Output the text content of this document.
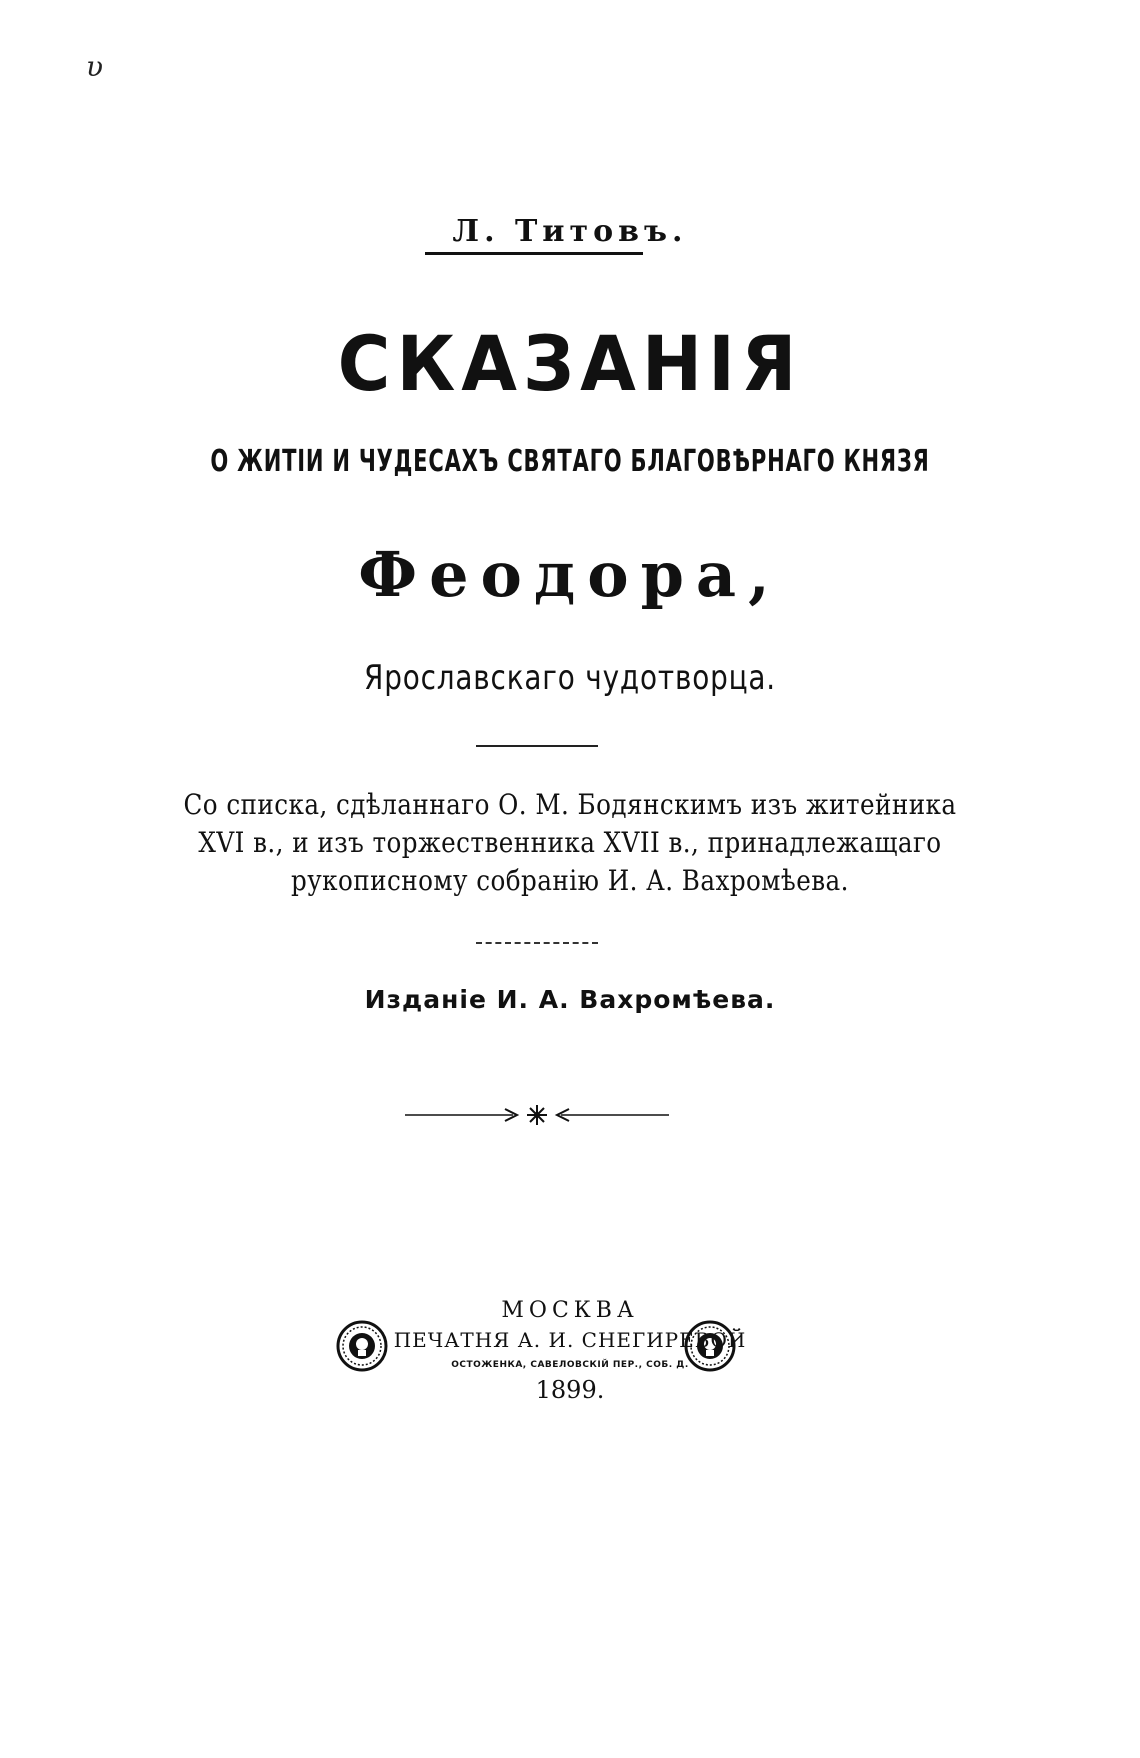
υ
Л. Титовъ.
СКАЗАНІЯ
О ЖИТІИ И ЧУДЕСАХЪ СВЯТАГО БЛАГОВѢРНАГО КНЯЗЯ
Феодора,
Ярославскаго чудотворца.
Со списка, сдѣланнаго О. М. Бодянскимъ изъ житейника
XVI в., и изъ торжественника XVII в., принадлежащаго
рукописному собранію И. А. Вахромѣева.
Изданіе И. А. Вахромѣева.
МОСКВА
ПЕЧАТНЯ А. И. СНЕГИРЕВОЙ
ОСТОЖЕНКА, САВЕЛОВСКІЙ ПЕР., СОБ. Д.
1899.
